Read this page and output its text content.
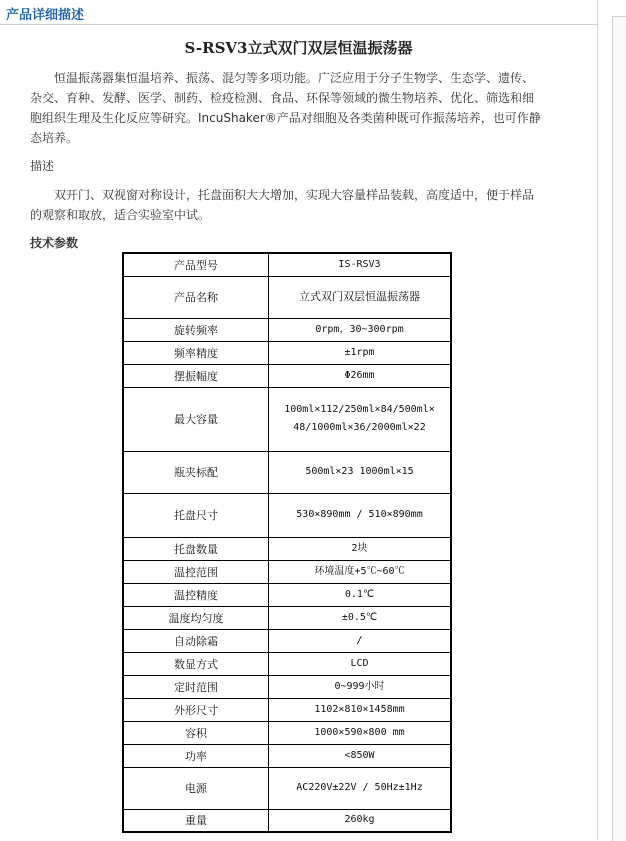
产品详细描述
S-RSV3立式双门双层恒温振荡器
恒温振荡器集恒温培养、振荡、混匀等多项功能。广泛应用于分子生物学、生态学、遗传、杂交、育种、发酵、医学、制药、检疫检测、食品、环保等领域的微生物培养、优化、筛选和细胞组织生理及生化反应等研究。IncuShaker®产品对细胞及各类菌种既可作振荡培养，也可作静态培养。
描述
双开门、双视窗对称设计，托盘面积大大增加，实现大容量样品装载，高度适中，便于样品的观察和取放，适合实验室中试。
技术参数
产品型号	IS-RSV3
产品名称	立式双门双层恒温振荡器
旋转频率	0rpm，30~300rpm
频率精度	±1rpm
摆振幅度	Φ26mm
最大容量	100ml×112/250ml×84/500ml× 48/1000ml×36/2000ml×22
瓶夹标配	500ml×23 1000ml×15
托盘尺寸	530×890mm / 510×890mm
托盘数量	2块
温控范围	环境温度+5℃~60℃
温控精度	0.1℃
温度均匀度	±0.5℃
自动除霜	/
数显方式	LCD
定时范围	0~999小时
外形尺寸	1102×810×1458mm
容积	1000×590×800 mm
功率	<850W
电源	AC220V±22V / 50Hz±1Hz
重量	260kg
